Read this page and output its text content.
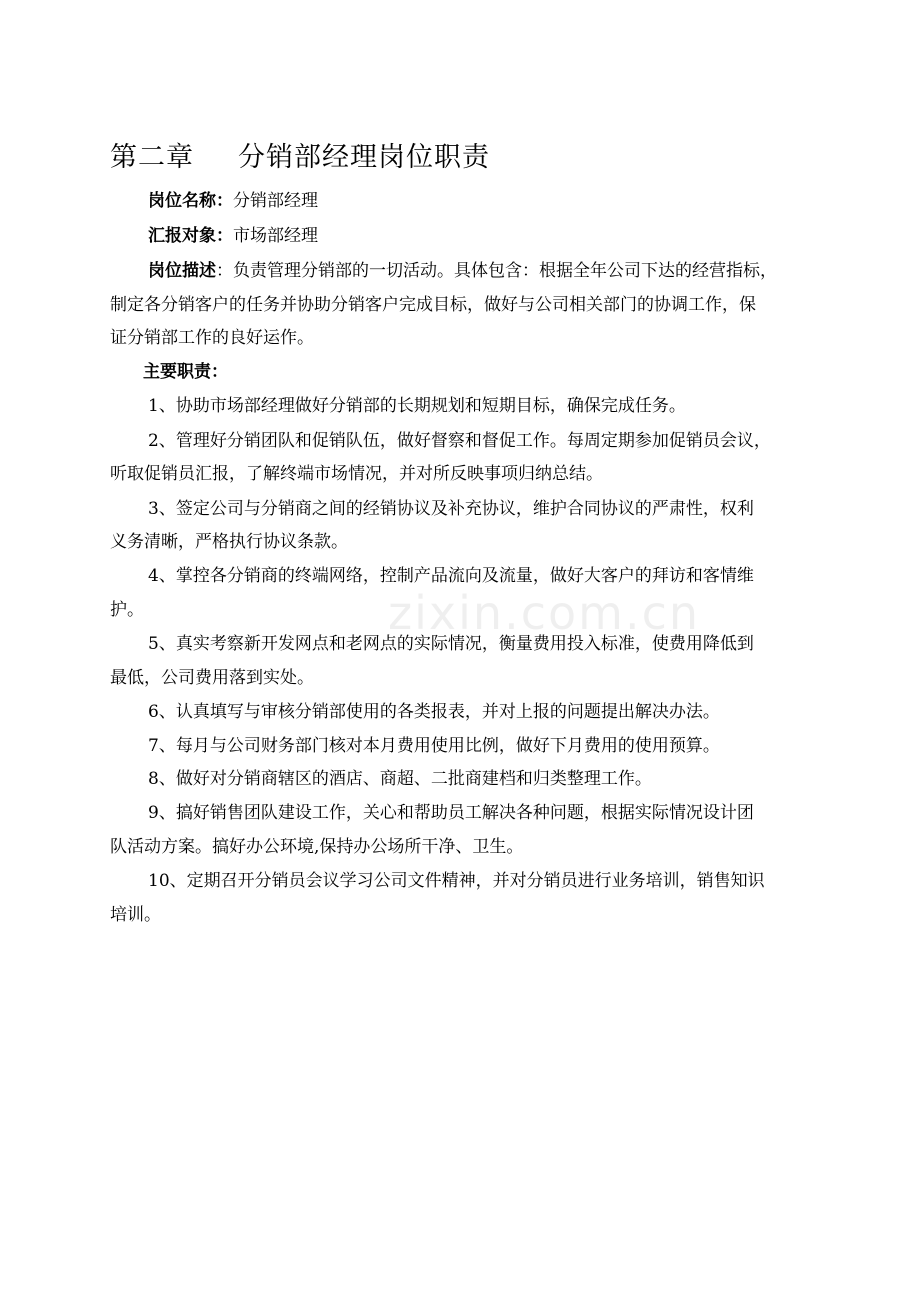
zixin.com.cn
第二章 分销部经理岗位职责
岗位名称：分销部经理
汇报对象：市场部经理
岗位描述：负责管理分销部的一切活动。具体包含：根据全年公司下达的经营指标，
制定各分销客户的任务并协助分销客户完成目标，做好与公司相关部门的协调工作，保
证分销部工作的良好运作。
主要职责：
1、协助市场部经理做好分销部的长期规划和短期目标，确保完成任务。
2、管理好分销团队和促销队伍，做好督察和督促工作。每周定期参加促销员会议，
听取促销员汇报，了解终端市场情况，并对所反映事项归纳总结。
3、签定公司与分销商之间的经销协议及补充协议，维护合同协议的严肃性，权利
义务清晰，严格执行协议条款。
4、掌控各分销商的终端网络，控制产品流向及流量，做好大客户的拜访和客情维
护。
5、真实考察新开发网点和老网点的实际情况，衡量费用投入标准，使费用降低到
最低，公司费用落到实处。
6、认真填写与审核分销部使用的各类报表，并对上报的问题提出解决办法。
7、每月与公司财务部门核对本月费用使用比例，做好下月费用的使用预算。
8、做好对分销商辖区的酒店、商超、二批商建档和归类整理工作。
9、搞好销售团队建设工作，关心和帮助员工解决各种问题，根据实际情况设计团
队活动方案。搞好办公环境,保持办公场所干净、卫生。
10、定期召开分销员会议学习公司文件精神，并对分销员进行业务培训，销售知识
培训。
